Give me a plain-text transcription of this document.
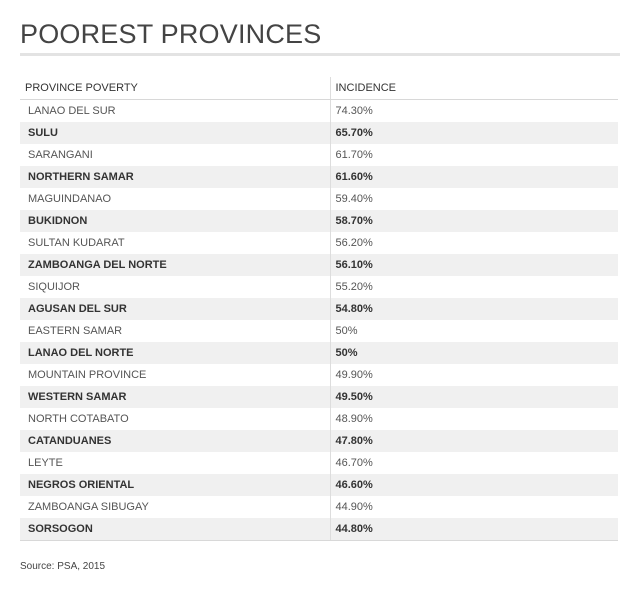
POOREST PROVINCES
PROVINCE POVERTY	INCIDENCE
LANAO DEL SUR	74.30%
SULU	65.70%
SARANGANI	61.70%
NORTHERN SAMAR	61.60%
MAGUINDANAO	59.40%
BUKIDNON	58.70%
SULTAN KUDARAT	56.20%
ZAMBOANGA DEL NORTE	56.10%
SIQUIJOR	55.20%
AGUSAN DEL SUR	54.80%
EASTERN SAMAR	50%
LANAO DEL NORTE	50%
MOUNTAIN PROVINCE	49.90%
WESTERN SAMAR	49.50%
NORTH COTABATO	48.90%
CATANDUANES	47.80%
LEYTE	46.70%
NEGROS ORIENTAL	46.60%
ZAMBOANGA SIBUGAY	44.90%
SORSOGON	44.80%
Source: PSA, 2015
